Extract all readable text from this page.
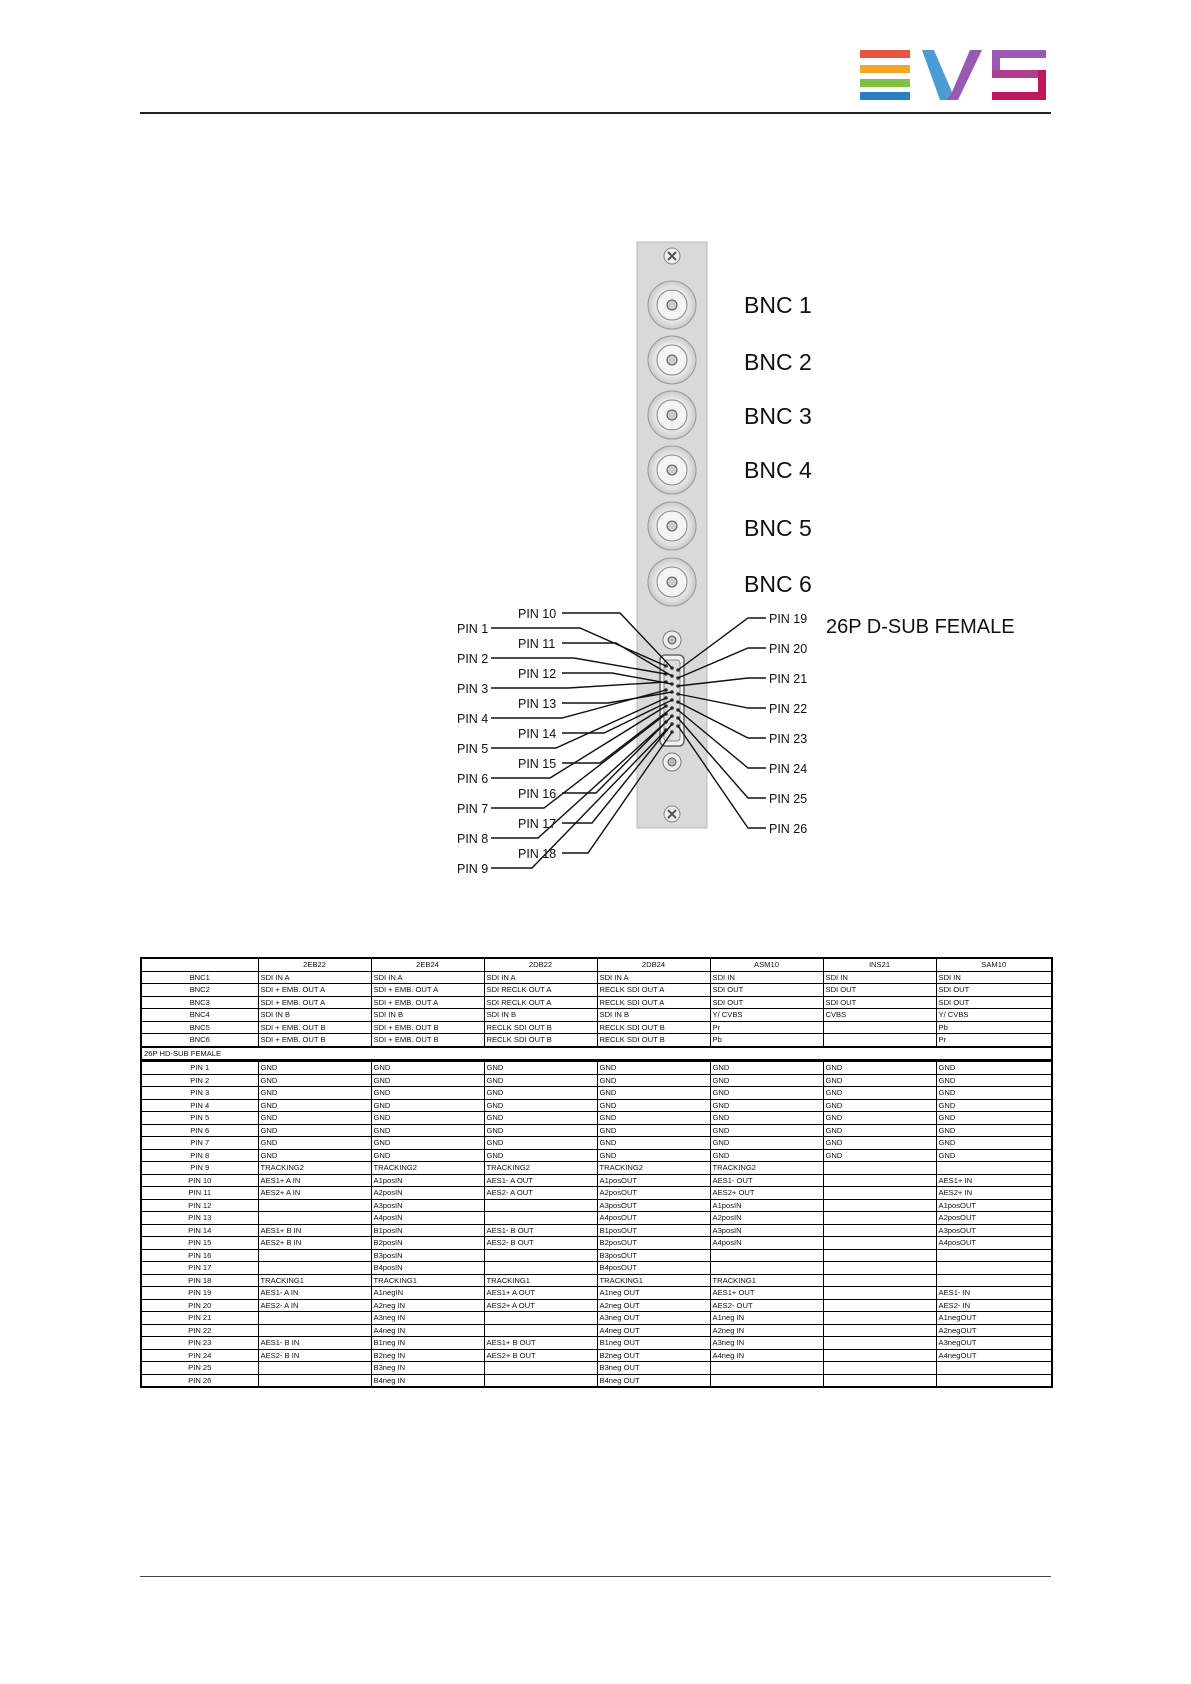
BNC 1
BNC 2
BNC 3
BNC 4
BNC 5
BNC 6
26P D-SUB FEMALE
PIN 1
PIN 2
PIN 3
PIN 4
PIN 5
PIN 6
PIN 7
PIN 8
PIN 9
PIN 10
PIN 11
PIN 12
PIN 13
PIN 14
PIN 15
PIN 16
PIN 17
PIN 18
PIN 19
PIN 20
PIN 21
PIN 22
PIN 23
PIN 24
PIN 25
PIN 26
	2EB22	2EB24	2DB22	2DB24	ASM10	INS21	SAM10
BNC1	SDI IN A	SDI IN A	SDI IN A	SDI IN A	SDI IN	SDI IN	SDI IN
BNC2	SDI + EMB. OUT A	SDI + EMB. OUT A	SDI RECLK OUT A	RECLK SDI OUT A	SDI OUT	SDI OUT	SDI OUT
BNC3	SDI + EMB. OUT A	SDI + EMB. OUT A	SDI RECLK OUT A	RECLK SDI OUT A	SDI OUT	SDI OUT	SDI OUT
BNC4	SDI IN B	SDI IN B	SDI IN B	SDI IN B	Y/ CVBS	CVBS	Y/ CVBS
BNC5	SDI + EMB. OUT B	SDI + EMB. OUT B	RECLK SDI OUT B	RECLK SDI OUT B	Pr		Pb
BNC6	SDI + EMB. OUT B	SDI + EMB. OUT B	RECLK SDI OUT B	RECLK SDI OUT B	Pb		Pr
26P HD-SUB FEMALE							
PIN 1	GND	GND	GND	GND	GND	GND	GND
PIN 2	GND	GND	GND	GND	GND	GND	GND
PIN 3	GND	GND	GND	GND	GND	GND	GND
PIN 4	GND	GND	GND	GND	GND	GND	GND
PIN 5	GND	GND	GND	GND	GND	GND	GND
PIN 6	GND	GND	GND	GND	GND	GND	GND
PIN 7	GND	GND	GND	GND	GND	GND	GND
PIN 8	GND	GND	GND	GND	GND	GND	GND
PIN 9	TRACKING2	TRACKING2	TRACKING2	TRACKING2	TRACKING2		
PIN 10	AES1+ A IN	A1posIN	AES1- A OUT	A1posOUT	AES1- OUT		AES1+ IN
PIN 11	AES2+ A IN	A2posIN	AES2- A OUT	A2posOUT	AES2+ OUT		AES2+ IN
PIN 12		A3posIN		A3posOUT	A1posIN		A1posOUT
PIN 13		A4posIN		A4posOUT	A2posIN		A2posOUT
PIN 14	AES1+ B IN	B1posIN	AES1- B OUT	B1posOUT	A3posIN		A3posOUT
PIN 15	AES2+ B IN	B2posIN	AES2- B OUT	B2posOUT	A4posIN		A4posOUT
PIN 16		B3posIN		B3posOUT			
PIN 17		B4posIN		B4posOUT			
PIN 18	TRACKING1	TRACKING1	TRACKING1	TRACKING1	TRACKING1		
PIN 19	AES1- A IN	A1negIN	AES1+ A OUT	A1neg OUT	AES1+ OUT		AES1- IN
PIN 20	AES2- A IN	A2neg IN	AES2+ A OUT	A2neg OUT	AES2- OUT		AES2- IN
PIN 21		A3neg IN		A3neg OUT	A1neg IN		A1negOUT
PIN 22		A4neg IN		A4neg OUT	A2neg IN		A2negOUT
PIN 23	AES1- B IN	B1neg IN	AES1+ B OUT	B1neg OUT	A3neg IN		A3negOUT
PIN 24	AES2- B IN	B2neg IN	AES2+ B OUT	B2neg OUT	A4neg IN		A4negOUT
PIN 25		B3neg IN		B3neg OUT			
PIN 26		B4neg IN		B4neg OUT			
